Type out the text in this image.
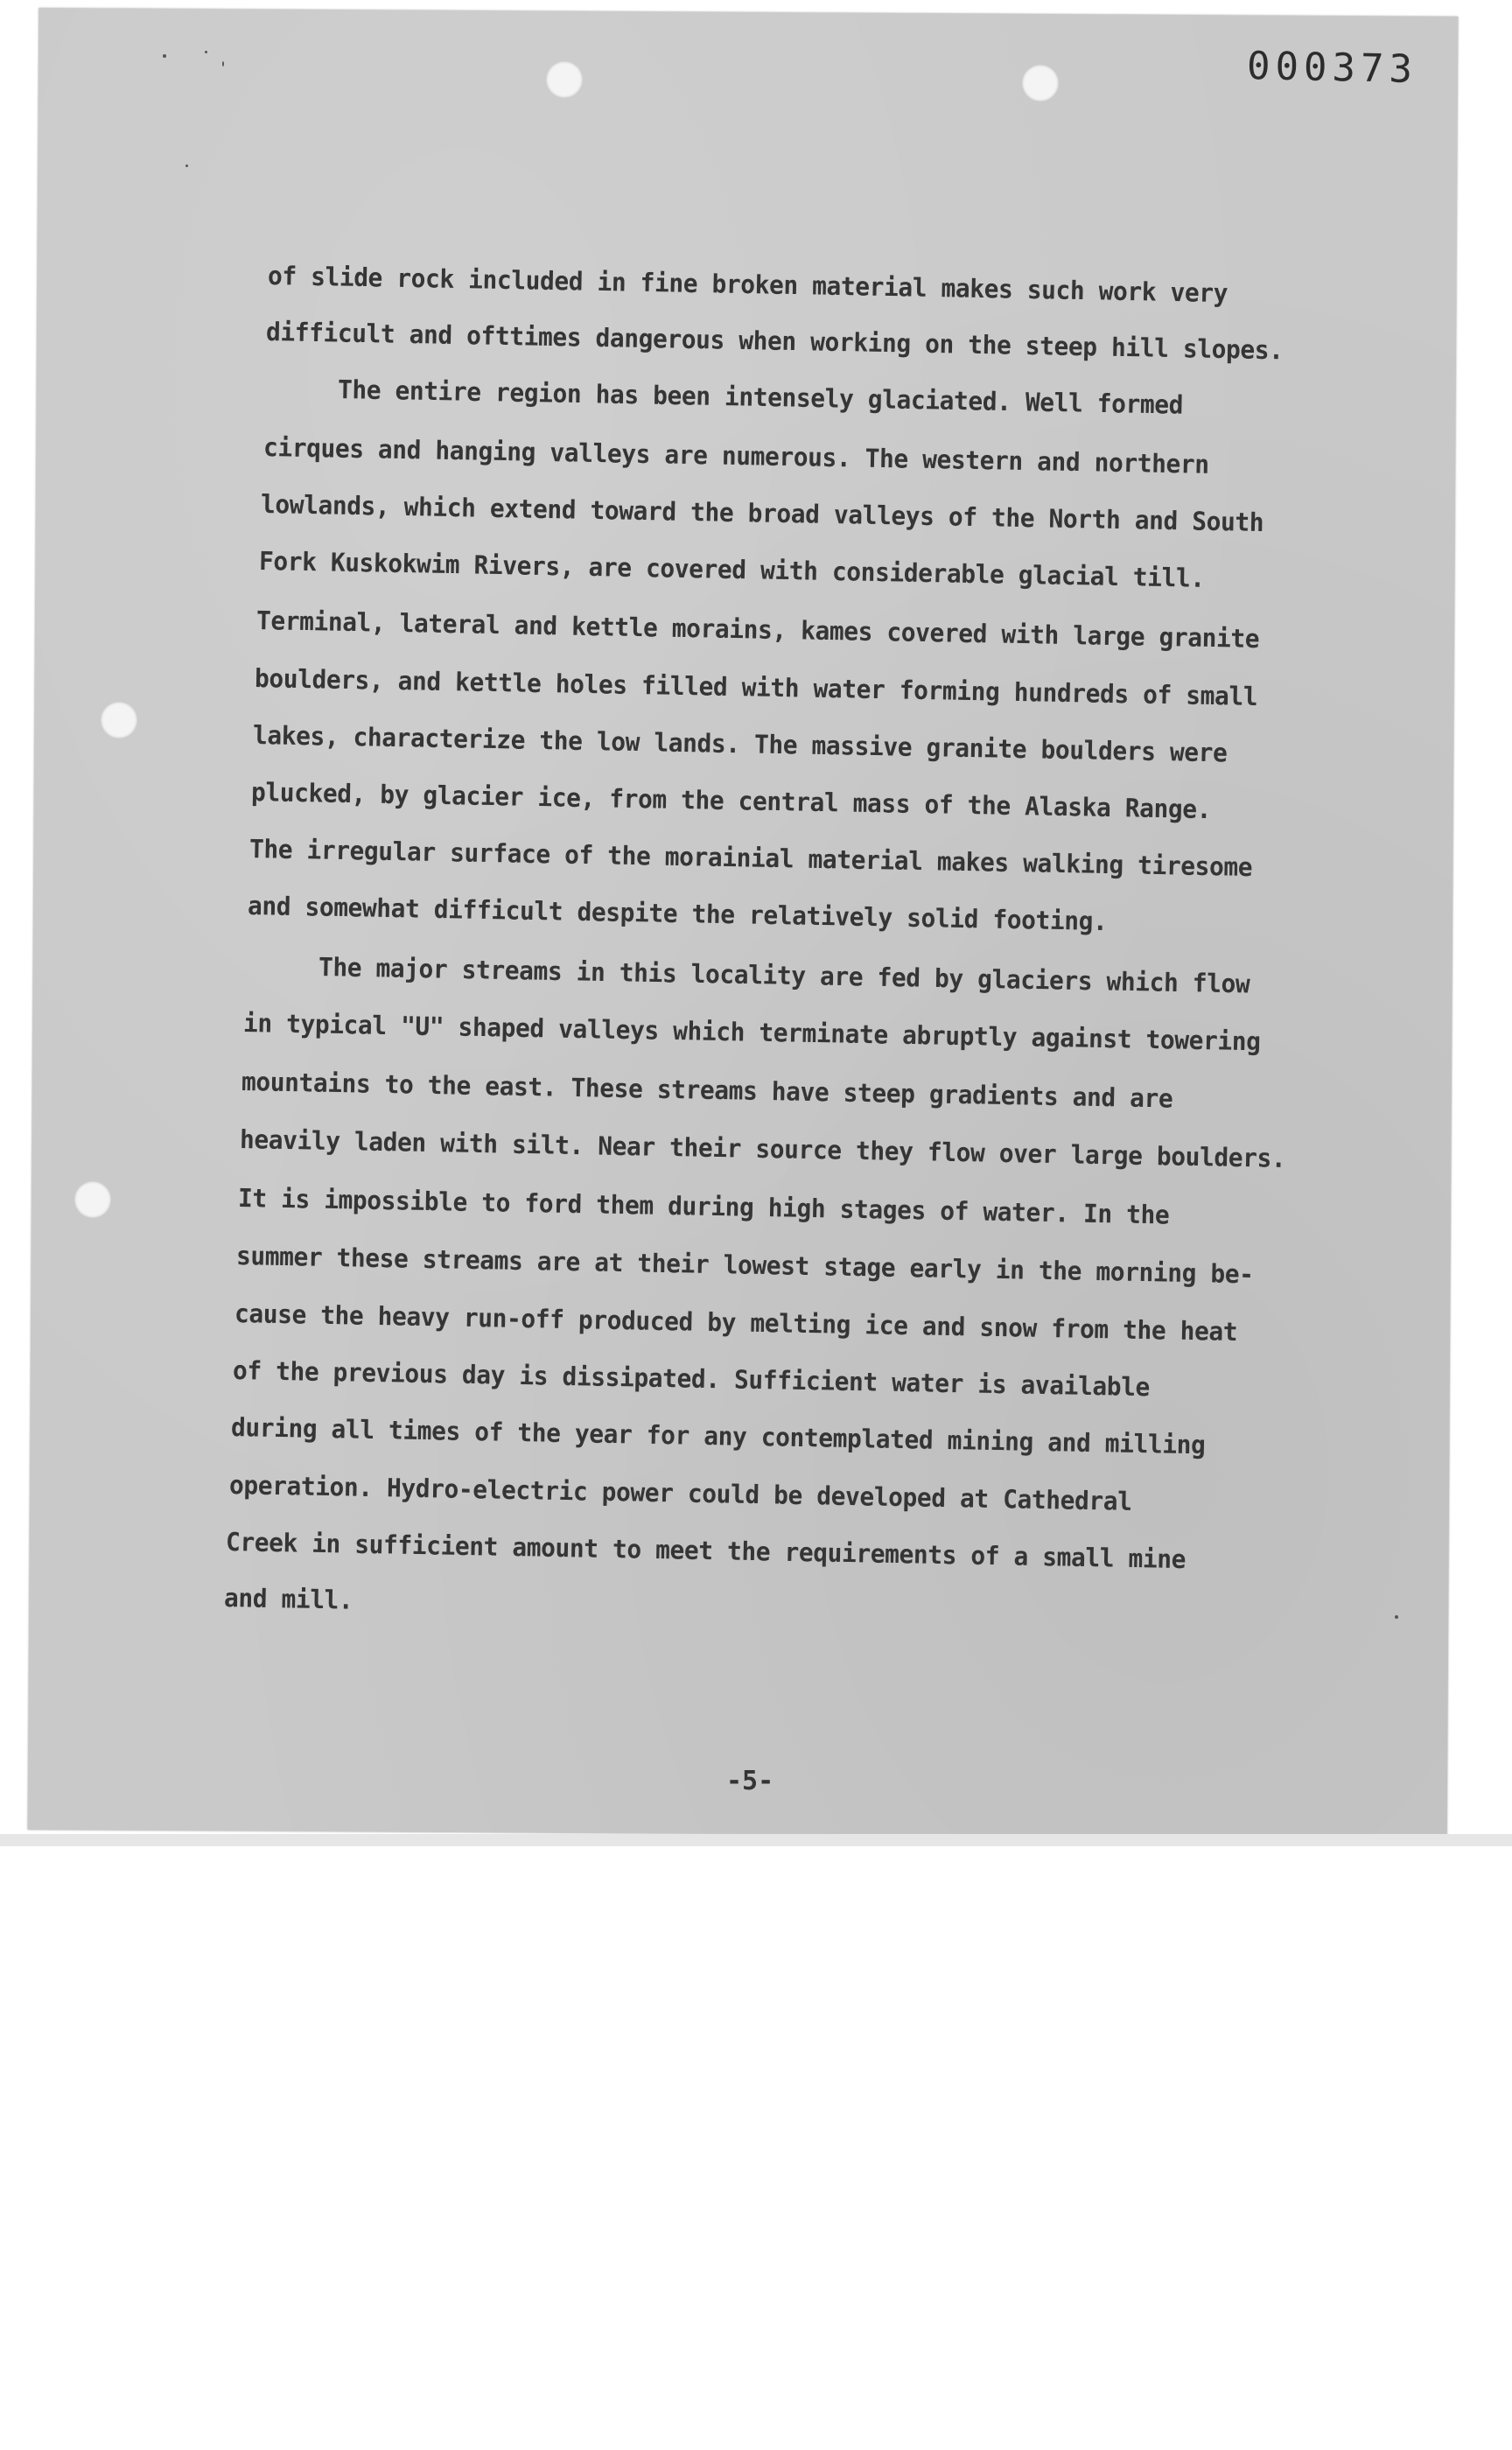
000373
of slide rock included in fine broken material makes such work very
difficult and ofttimes dangerous when working on the steep hill slopes.
The entire region has been intensely glaciated. Well formed
cirques and hanging valleys are numerous. The western and northern
lowlands, which extend toward the broad valleys of the North and South
Fork Kuskokwim Rivers, are covered with considerable glacial till.
Terminal, lateral and kettle morains, kames covered with large granite
boulders, and kettle holes filled with water forming hundreds of small
lakes, characterize the low lands. The massive granite boulders were
plucked, by glacier ice, from the central mass of the Alaska Range.
The irregular surface of the morainial material makes walking tiresome
and somewhat difficult despite the relatively solid footing.
The major streams in this locality are fed by glaciers which flow
in typical "U" shaped valleys which terminate abruptly against towering
mountains to the east. These streams have steep gradients and are
heavily laden with silt. Near their source they flow over large boulders.
It is impossible to ford them during high stages of water. In the
summer these streams are at their lowest stage early in the morning be-
cause the heavy run-off produced by melting ice and snow from the heat
of the previous day is dissipated. Sufficient water is available
during all times of the year for any contemplated mining and milling
operation. Hydro-electric power could be developed at Cathedral
Creek in sufficient amount to meet the requirements of a small mine
and mill.
-5-
